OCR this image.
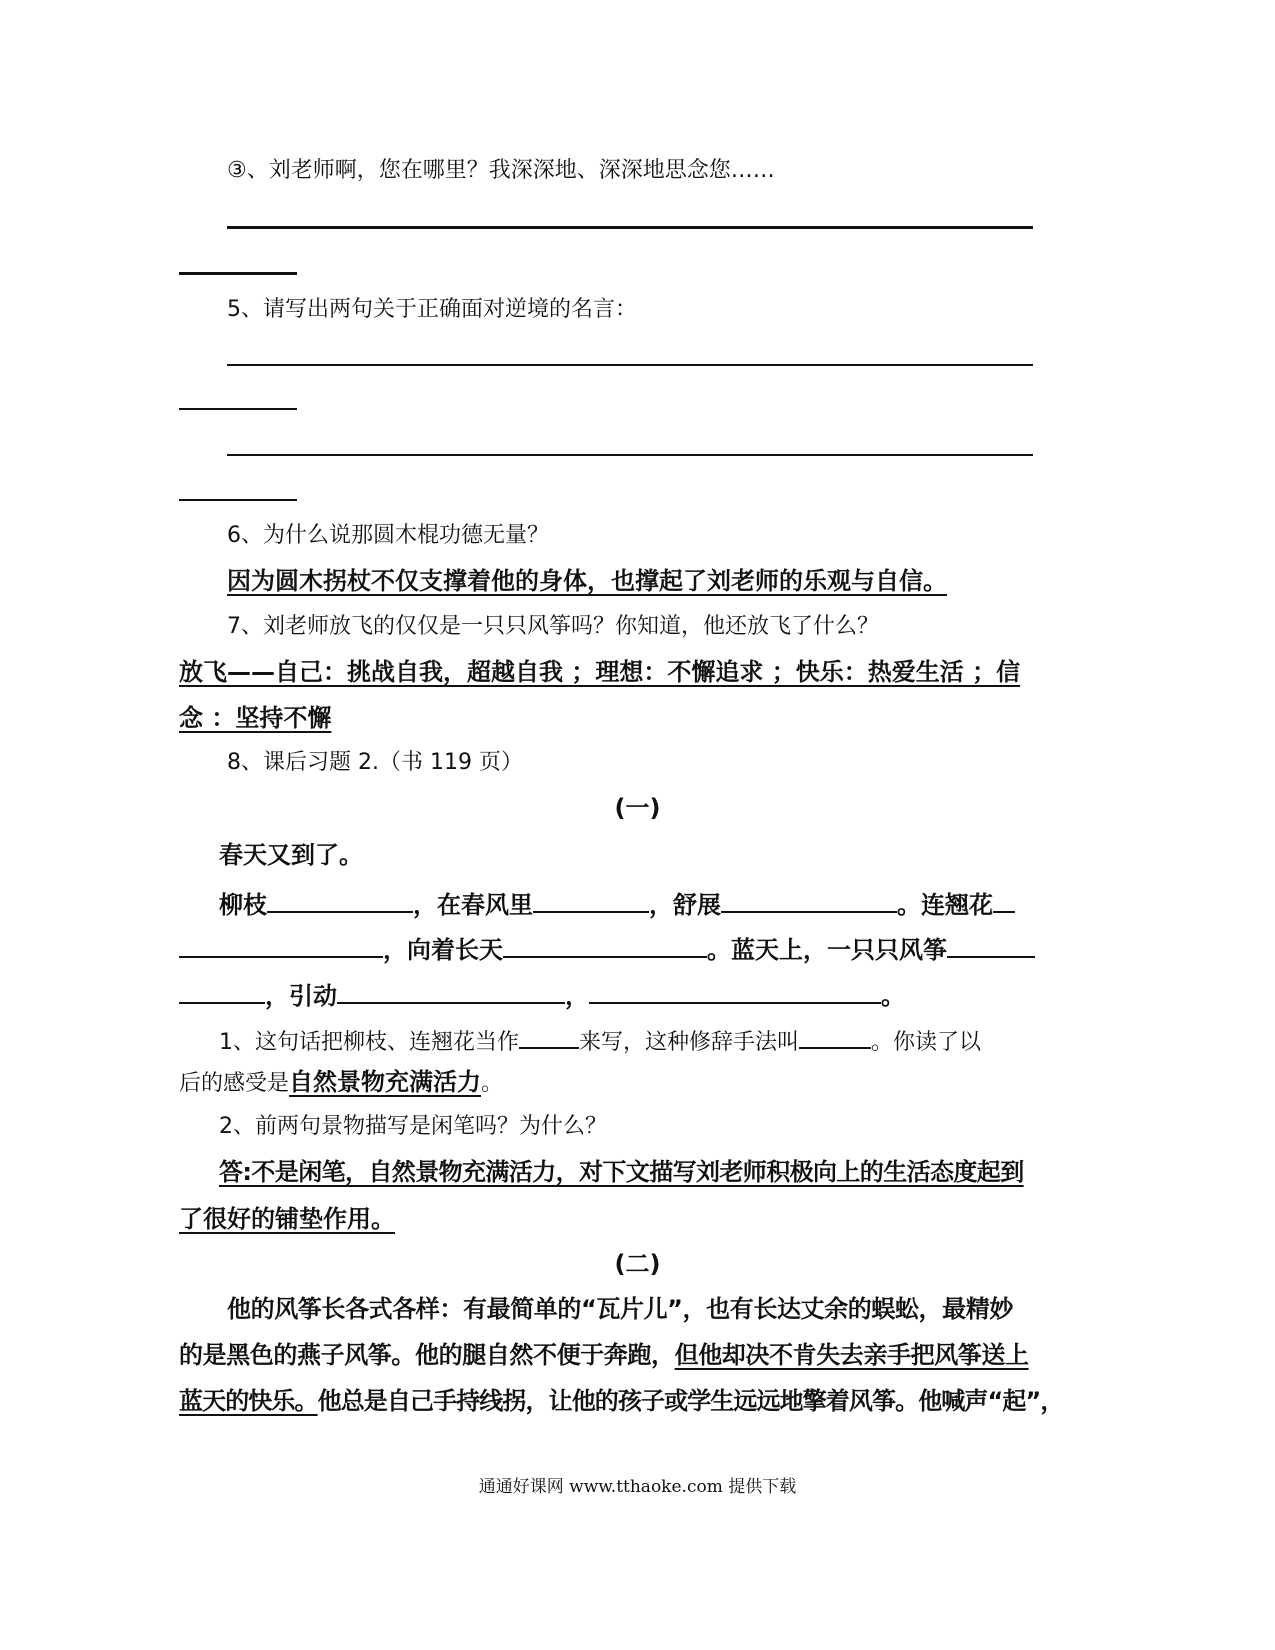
③、刘老师啊，您在哪里？我深深地、深深地思念您……
5、请写出两句关于正确面对逆境的名言：
6、为什么说那圆木棍功德无量？
因为圆木拐杖不仅支撑着他的身体，也撑起了刘老师的乐观与自信。
7、刘老师放飞的仅仅是一只只风筝吗？你知道，他还放飞了什么？
放飞——自己：挑战自我，超越自我 ；理想：不懈追求 ；快乐：热爱生活 ；信
念 ：坚持不懈
8、课后习题 2.（书 119 页）
(一)
春天又到了。
柳枝	，在春风里	，舒展	。连翘花
，向着长天	。蓝天上，一只只风筝
，引动	，	。
1、这句话把柳枝、连翘花当作	来写，这种修辞手法叫	。你读了以
后的感受是自然景物充满活力。
2、前两句景物描写是闲笔吗？为什么？
答:不是闲笔，自然景物充满活力，对下文描写刘老师积极向上的生活态度起到
了很好的铺垫作用。
(二)
他的风筝长各式各样：有最简单的“瓦片儿”，也有长达丈余的蜈蚣，最精妙
的是黑色的燕子风筝。他的腿自然不便于奔跑，但他却决不肯失去亲手把风筝送上
蓝天的快乐。他总是自己手持线拐，让他的孩子或学生远远地擎着风筝。他喊声“起”，
通通好课网 www.tthaoke.com 提供下载
